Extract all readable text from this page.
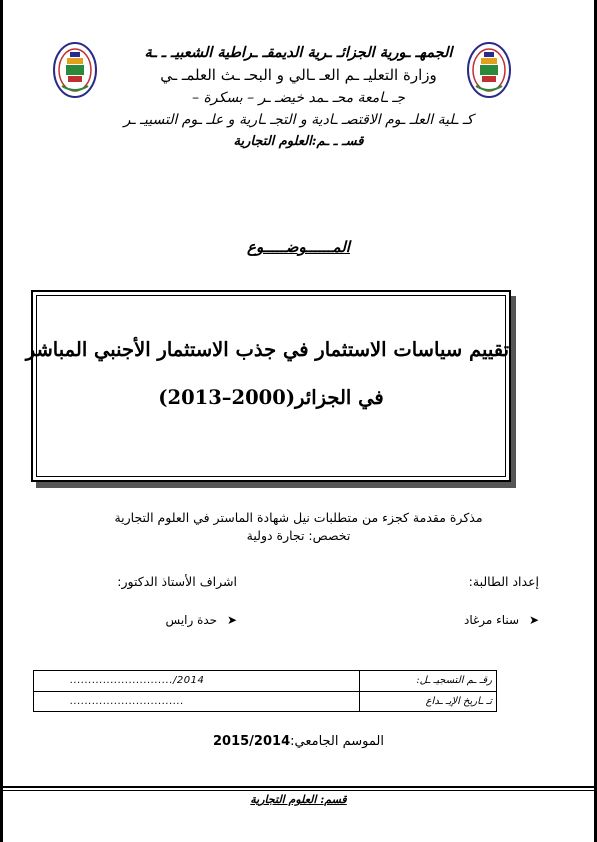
الجمهـ ـورية الجزائـ ـرية الديمقـ ـراطية الشعبيـ ـ ـة
وزارة التعليـ ـم العـ ـالي و البحـ ـث العلمـ ـي
جـ ـامعة محـ ـمد خيضـ ـر – بسكرة –
كـ ـلية العلـ ـوم الاقتصـ ـادية و التجـ ـارية و علـ ـوم التسييـ ـر
قسـ ـ ـم:العلوم التجارية
المــــــوضـــــوع
تقييم سياسات الاستثمار في جذب الاستثمار الأجنبي المباشر
في الجزائر(2000–2013)
مذكرة مقدمة كجزء من متطلبات نيل شهادة الماستر في العلوم التجارية
تخصص: تجارة دولية
إعداد الطالبة:
اشراف الأستاذ الدكتور:
➤ سناء مرغاد
➤ حدة رايس
............................/2014	رقـ ـم التسجيـ ـل:
...............................	تـ ـاريخ الإيـ ـداع
الموسم الجامعي:2015/2014
قسم: العلوم التجارية
